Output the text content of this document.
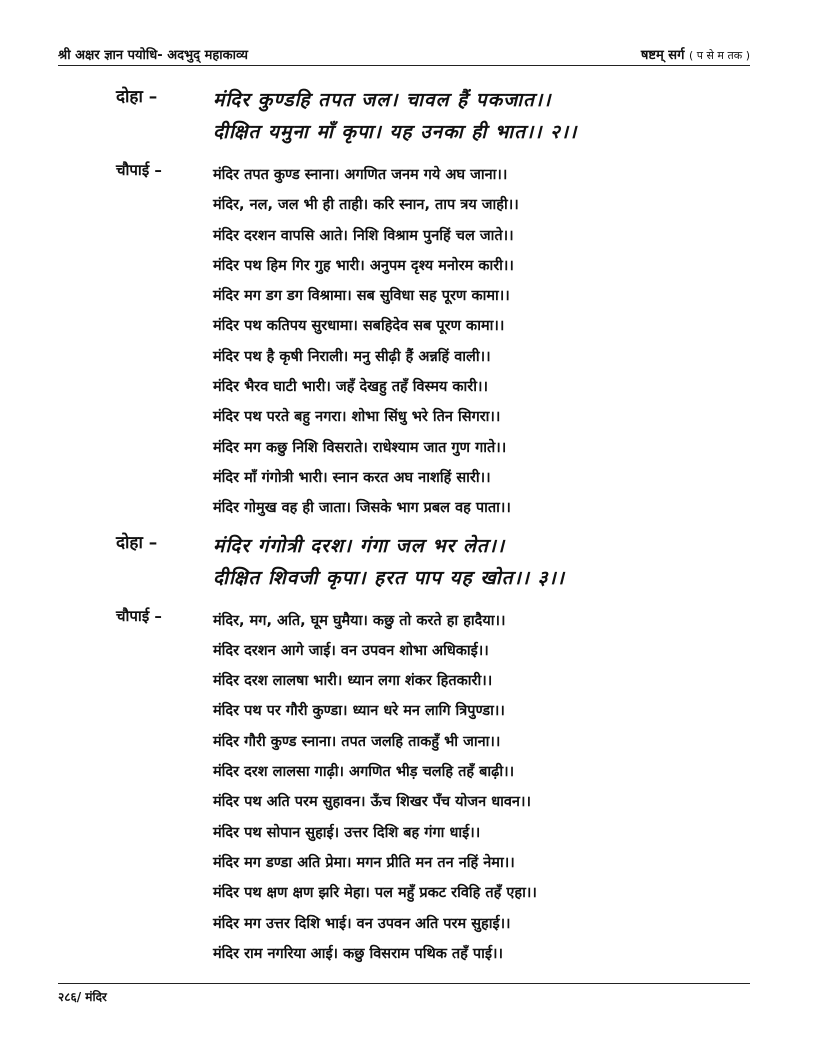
श्री अक्षर ज्ञान पयोधि- अदभुद् महाकाव्य	षष्टम् सर्ग ( प से म तक )
दोहा –	मंदिर कुण्डहि तपत जल। चावल हैं पकजात।।
दीक्षित यमुना माँ कृपा। यह उनका ही भात।। २।।
चौपाई –	मंदिर तपत कुण्ड स्नाना। अगणित जनम गये अघ जाना।।
मंदिर, नल, जल भी ही ताही। करि स्नान, ताप त्रय जाही।।
मंदिर दरशन वापसि आते। निशि विश्राम पुनहिं चल जाते।।
मंदिर पथ हिम गिर गुह भारी। अनुपम दृश्य मनोरम कारी।।
मंदिर मग डग डग विश्रामा। सब सुविधा सह पूरण कामा।।
मंदिर पथ कतिपय सुरधामा। सबहिदेव सब पूरण कामा।।
मंदिर पथ है कृषी निराली। मनु सीढ़ी हैं अन्नहिं वाली।।
मंदिर भैरव घाटी भारी। जहँ देखहु तहँ विस्मय कारी।।
मंदिर पथ परते बहु नगरा। शोभा सिंधु भरे तिन सिगरा।।
मंदिर मग कछु निशि विसराते। राधेश्याम जात गुण गाते।।
मंदिर माँ गंगोत्री भारी। स्नान करत अघ नाशहिं सारी।।
मंदिर गोमुख वह ही जाता। जिसके भाग प्रबल वह पाता।।
दोहा –	मंदिर गंगोत्री दरश। गंगा जल भर लेत।।
दीक्षित शिवजी कृपा। हरत पाप यह खोत।। ३।।
चौपाई –	मंदिर, मग, अति, घूम घुमैया। कछु तो करते हा हादैया।।
मंदिर दरशन आगे जाई। वन उपवन शोभा अधिकाई।।
मंदिर दरश लालषा भारी। ध्यान लगा शंकर हितकारी।।
मंदिर पथ पर गौरी कुण्डा। ध्यान धरे मन लागि त्रिपुण्डा।।
मंदिर गौरी कुण्ड स्नाना। तपत जलहि ताकहुँ भी जाना।।
मंदिर दरश लालसा गाढ़ी। अगणित भीड़ चलहि तहँ बाढ़ी।।
मंदिर पथ अति परम सुहावन। ऊँच शिखर पँच योजन धावन।।
मंदिर पथ सोपान सुहाई। उत्तर दिशि बह गंगा धाई।।
मंदिर मग डण्डा अति प्रेमा। मगन प्रीति मन तन नहिं नेमा।।
मंदिर पथ क्षण क्षण झरि मेहा। पल महुँ प्रकट रविहि तहँ एहा।।
मंदिर मग उत्तर दिशि भाई। वन उपवन अति परम सुहाई।।
मंदिर राम नगरिया आई। कछु विसराम पथिक तहँ पाई।।
२८६/ मंदिर
